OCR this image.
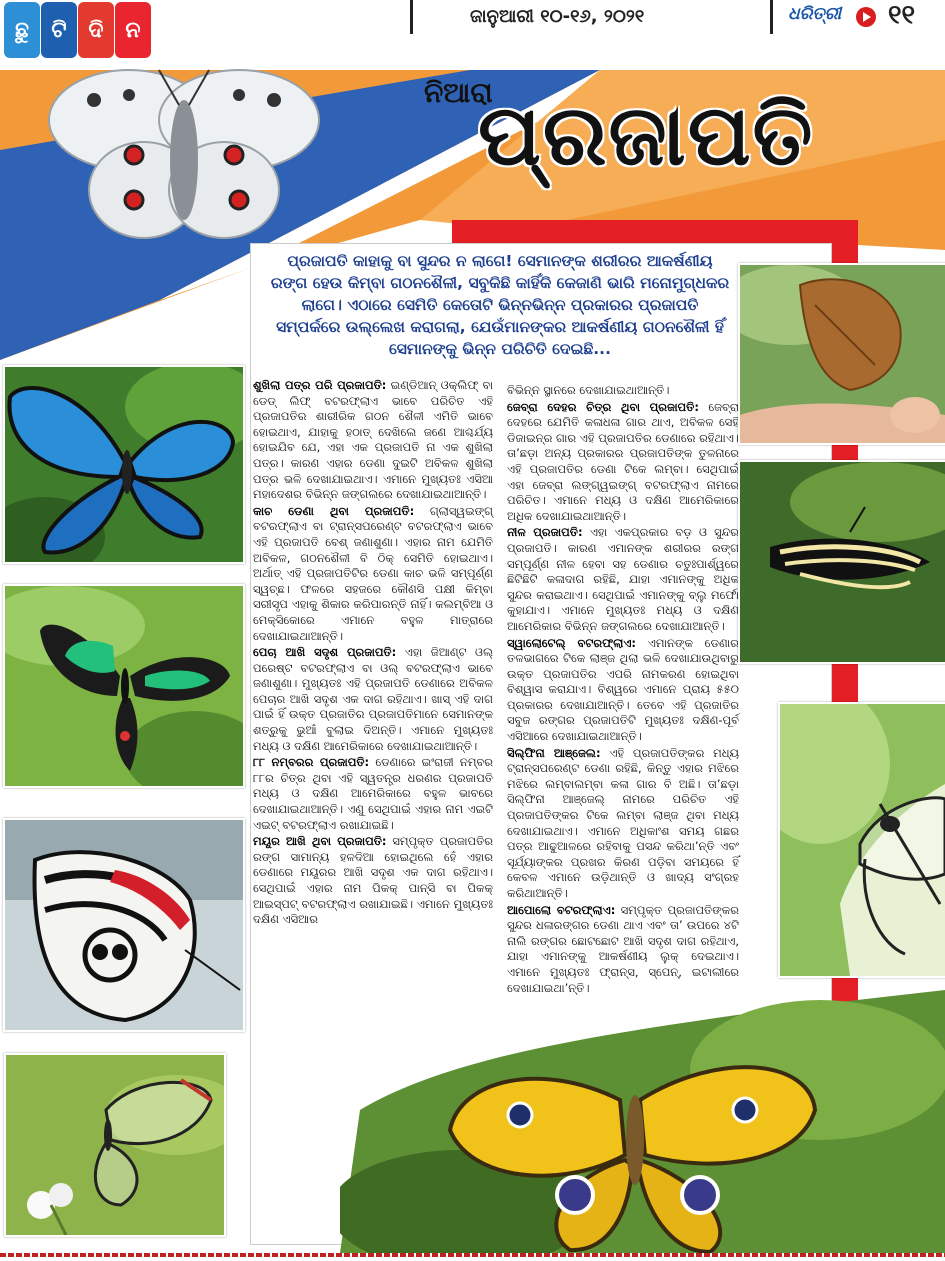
ଛୁ	ଟି ଦି ନ
ଜାନୁଆରୀ ୧୦-୧୬, ୨୦୨୧	ଧରିତ୍ରୀ ୧୧
ନିଆରା
ପ୍ରଜାପତି
ପ୍ରଜାପତି କାହାକୁ ବା ସୁନ୍ଦର ନ ଲାଗେ! ସେମାନଙ୍କ ଶରୀରର ଆକର୍ଷଣୀୟ ରଙ୍ଗ ହେଉ କିମ୍ବା ଗଠନଶୈଳୀ, ସବୁକିଛି କାହିଁକି କେଜାଣି ଭାରି ମନୋମୁଗ୍ଧକର ଲାଗେ। ଏଠାରେ ସେମିତି କେତୋଟି ଭିନ୍ନଭିନ୍ନ ପ୍ରକାରର ପ୍ରଜାପତି ସମ୍ପର୍କରେ ଉଲ୍ଲେଖ କରାଗଲା, ଯେଉଁମାନଙ୍କର ଆକର୍ଷଣୀୟ ଗଠନଶୈଳୀ ହିଁ ସେମାନଙ୍କୁ ଭିନ୍ନ ପରିଚିତି ଦେଇଛି...

ଶୁଖିଲା ପତ୍ର ପରି ପ୍ରଜାପତି: ଇଣ୍ଡିଆନ୍ ଓକ୍‌ଲିଫ୍ ବା ଡେଡ୍ ଲିଫ୍ ବଟରଫ୍ଲାଏ ଭାବେ ପରିଚିତ ଏହି ପ୍ରଜାପତିର ଶାରୀରିକ ଗଠନ ଶୈଳୀ ଏମିତି ଭାବେ ହୋଇଥାଏ, ଯାହାକୁ ହଠାତ୍ ଦେଖିଲେ ଜଣେ ଆଶ୍ଚର୍ଯ୍ୟ ହୋଇଯିବ ଯେ, ଏହା ଏକ ପ୍ରଜାପତି ନା ଏକ ଶୁଖିଲା ପତ୍ର। କାରଣ ଏହାର ଡେଣା ଦୁଇଟି ଅବିକଳ ଶୁଖିଲା ପତ୍ର ଭଳି ଦେଖାଯାଇଥାଏ। ଏମାନେ ମୁଖ୍ୟତଃ ଏସିଆ ମହାଦେଶର ବିଭିନ୍ନ ଜଙ୍ଗଲରେ ଦେଖାଯାଇଥାଆନ୍ତି।

କାଚ ଡେଣା ଥିବା ପ୍ରଜାପତି: ଗ୍ଲାସ୍‌ୱଇଙ୍ଗ୍ ବଟରଫ୍ଲାଏ ବା ଟ୍ରାନ୍ସପରେଣ୍ଟ ବଟରଫ୍ଲାଏ ଭାବେ ଏହି ପ୍ରଜାପତି ବେଶ୍ ଜଣାଶୁଣା। ଏହାର ନାମ ଯେମିତି ଅବିକଳ, ଗଠନଶୈଳୀ ବି ଠିକ୍ ସେମିତି ହୋଇଥାଏ। ଅର୍ଥାତ୍ ଏହି ପ୍ରଜାପତିଟିର ଡେଣା କାଚ ଭଳି ସମ୍ପୂର୍ଣ୍ଣ ସ୍ୱଚ୍ଛ। ଫଳରେ ସହଜରେ କୌଣସି ପକ୍ଷୀ କିମ୍ବା ସରୀସୃପ ଏହାକୁ ଶିକାର କରିପାରନ୍ତି ନାହିଁ। କଲମ୍ବିଆ ଓ ମେକ୍ସିକୋରେ ଏମାନେ ବହୁଳ ମାତ୍ରାରେ ଦେଖାଯାଇଥାଆନ୍ତି।

ପେଚା ଆଖି ସଦୃଶ ପ୍ରଜାପତି: ଏହା ଜିଆଣ୍ଟ ଓଲ୍ ପରେଷ୍ଟ ବଟରଫ୍ଲାଏ ବା ଓଲ୍ ବଟରଫ୍ଲାଏ ଭାବେ ଜଣାଶୁଣା। ମୁଖ୍ୟତଃ ଏହି ପ୍ରଜାପତି ଡେଣାରେ ଅବିକଳ ପେଚାର ଆଖି ସଦୃଶ ଏକ ଦାଗ ରହିଥାଏ। ଖାସ୍ ଏହି ଦାଗ ପାଇଁ ହିଁ ଉକ୍ତ ପ୍ରଜାତିର ପ୍ରଜାପତିମାନେ ସେମାନଙ୍କ ଶତ୍ରୁକୁ ଭୁଆଁ ବୁଲାଇ ଦିଅନ୍ତି। ଏମାନେ ମୁଖ୍ୟତଃ ମଧ୍ୟ ଓ ଦକ୍ଷିଣ ଆମେରିକାରେ ଦେଖାଯାଇଥାଆନ୍ତି।

୮୮ ନମ୍ବରର ପ୍ରଜାପତି: ଡେଣାରେ ଇଂରାଜୀ ନମ୍ବର ୮୮ର ଚିତ୍ର ଥିବା ଏହି ସ୍ୱତନ୍ତ୍ର ଧରଣର ପ୍ରଜାପତି ମଧ୍ୟ ଓ ଦକ୍ଷିଣ ଆମେରିକାରେ ବହୁଳ ଭାବରେ ଦେଖାଯାଇଥାଆନ୍ତି। ଏଣୁ ସେଥିପାଇଁ ଏହାର ନାମ ଏଇଟି ଏଇଟ୍ ବଟରଫ୍ଲାଏ ରଖାଯାଇଛି।

ମୟୂର ଆଖି ଥିବା ପ୍ରଜାପତି: ସମ୍ପୃକ୍ତ ପ୍ରଜାପତିର ରଙ୍ଗ ସାମାନ୍ୟ ହଳଦିଆ ହୋଇଥିଲେ ହେଁ ଏହାର ଡେଣାରେ ମୟୂରର ଆଖି ସଦୃଶ ଏକ ଦାଗ ରହିଥାଏ। ସେଥିପାଇଁ ଏହାର ନାମ ପିକକ୍ ପାନ୍ସି ବା ପିକକ୍ ଆଇସ୍ପଟ୍ ବଟରଫ୍ଲାଏ ରଖାଯାଇଛି। ଏମାନେ ମୁଖ୍ୟତଃ ଦକ୍ଷିଣ ଏସିଆର

ବିଭିନ୍ନ ସ୍ଥାନରେ ଦେଖାଯାଇଥାଆନ୍ତି।

ଜେବ୍ରା ଦେହର ଚିତ୍ର ଥିବା ପ୍ରଜାପତି: ଜେବ୍ରା ଦେହରେ ଯେମିତି କଳାଧଳା ଗାର ଥାଏ, ଅବିକଳ ସେହି ଡିଜାଇନ୍‌ର ଗାର ଏହି ପ୍ରଜାପତିର ଡେଣାରେ ରହିଥାଏ। ତା’ଛଡ଼ା ଅନ୍ୟ ପ୍ରକାରର ପ୍ରଜାପତିଙ୍କ ତୁଳନାରେ ଏହି ପ୍ରଜାପତିର ଡେଣା ଟିକେ ଲମ୍ବା। ସେଥିପାଇଁ ଏହା ଜେବ୍ରା ଲଙ୍ଗ୍‌ୱଇଙ୍ଗ୍ ବଟରଫ୍ଲାଏ ନାମରେ ପରିଚିତ। ଏମାନେ ମଧ୍ୟ ଓ ଦକ୍ଷିଣ ଆମେରିକାରେ ଅଧିକ ଦେଖାଯାଇଥାଆନ୍ତି।

ନୀଳ ପ୍ରଜାପତି: ଏହା ଏକପ୍ରକାର ବଡ଼ ଓ ସୁନ୍ଦର ପ୍ରଜାପତି। କାରଣ ଏମାନଙ୍କ ଶରୀରର ରଙ୍ଗ ସମ୍ପୂର୍ଣ୍ଣ ନୀଳ ହେବା ସହ ଡେଣାର ଚତୁଃପାର୍ଶ୍ୱରେ ଛିଟିଛିଟି କଳାଦାଗ ରହିଛି, ଯାହା ଏମାନଙ୍କୁ ଅଧିକ ସୁନ୍ଦର କରାଇଥାଏ। ସେଥିପାଇଁ ଏମାନଙ୍କୁ ବ୍ଲୁ ମର୍ଫୋ କୁହାଯାଏ। ଏମାନେ ମୁଖ୍ୟତଃ ମଧ୍ୟ ଓ ଦକ୍ଷିଣ ଆମେରିକାର ବିଭିନ୍ନ ଜଙ୍ଗଲରେ ଦେଖାଯାଆନ୍ତି।

ସ୍ୱାଲୋଟେଲ୍ ବଟରଫ୍ଲାଏ: ଏମାନଙ୍କ ଡେଣାର ତଳଭାଗରେ ଟିକେ ଲାଞ୍ଜ ଥିଲା ଭଳି ଦେଖାଯାଉଥିବାରୁ ଉକ୍ତ ପ୍ରଜାପତିର ଏପରି ନାମକରଣ ହୋଇଥିବା ବିଶ୍ୱାସ କରାଯାଏ। ବିଶ୍ୱରେ ଏମାନେ ପ୍ରାୟ ୫୫୦ ପ୍ରକାରର ଦେଖାଯାଆନ୍ତି। ତେବେ ଏହି ପ୍ରଜାତିର ସବୁଜ ରଙ୍ଗର ପ୍ରଜାପତିଟି ମୁଖ୍ୟତଃ ଦକ୍ଷିଣ-ପୂର୍ବ ଏସିଆରେ ଦେଖାଯାଇଥାଆନ୍ତି।

ସିଲ୍‌ଫିନା ଆଞ୍ଜେଲ: ଏହି ପ୍ରଜାପତିଙ୍କର ମଧ୍ୟ ଟ୍ରାନ୍ସପରେଣ୍ଟ ଡେଣା ରହିଛି, କିନ୍ତୁ ଏହାର ମଝିରେ ମଝିରେ ଲମ୍ବାଲମ୍ବା କଳା ଗାର ବି ଅଛି। ତା’ଛଡ଼ା ସିଲ୍‌ଫିନା ଆଞ୍ଜେଲ୍ ନାମରେ ପରିଚିତ ଏହି ପ୍ରଜାପତିଙ୍କର ଟିକେ ଲମ୍ବା ଲାଞ୍ଜ ଥିବା ମଧ୍ୟ ଦେଖାଯାଇଥାଏ। ଏମାନେ ଅଧିକାଂଶ ସମୟ ଗଛର ପତ୍ର ଆଢୁଆଳରେ ରହିବାକୁ ପସନ୍ଦ କରିଥା’ନ୍ତି ଏବଂ ସୂର୍ଯ୍ୟାଙ୍କର ପ୍ରଖର କିରଣ ପଡ଼ିବା ସମୟରେ ହିଁ କେବଳ ଏମାନେ ଉଡ଼ିଥାନ୍ତି ଓ ଖାଦ୍ୟ ସଂଗ୍ରହ କରିଥାଆନ୍ତି।

ଆପୋଲୋ ବଟରଫ୍ଲାଏ: ସମ୍ପୃକ୍ତ ପ୍ରଜାପତିଙ୍କର ସୁନ୍ଦର ଧଳାରଙ୍ଗର ଡେଣା ଥାଏ ଏବଂ ତା’ ଉପରେ ୪ଟି ନାଲି ରଙ୍ଗର ଛୋଟଛୋଟ ଆଖି ସଦୃଶ ଦାଗ ରହିଥାଏ, ଯାହା ଏମାନଙ୍କୁ ଆକର୍ଷଣୀୟ ଲୁକ୍ ଦେଇଥାଏ। ଏମାନେ ମୁଖ୍ୟତଃ ଫ୍ରାନ୍ସ, ସ୍ପେନ୍, ଇଟାଲୀରେ ଦେଖାଯାଇଥା’ନ୍ତି।
